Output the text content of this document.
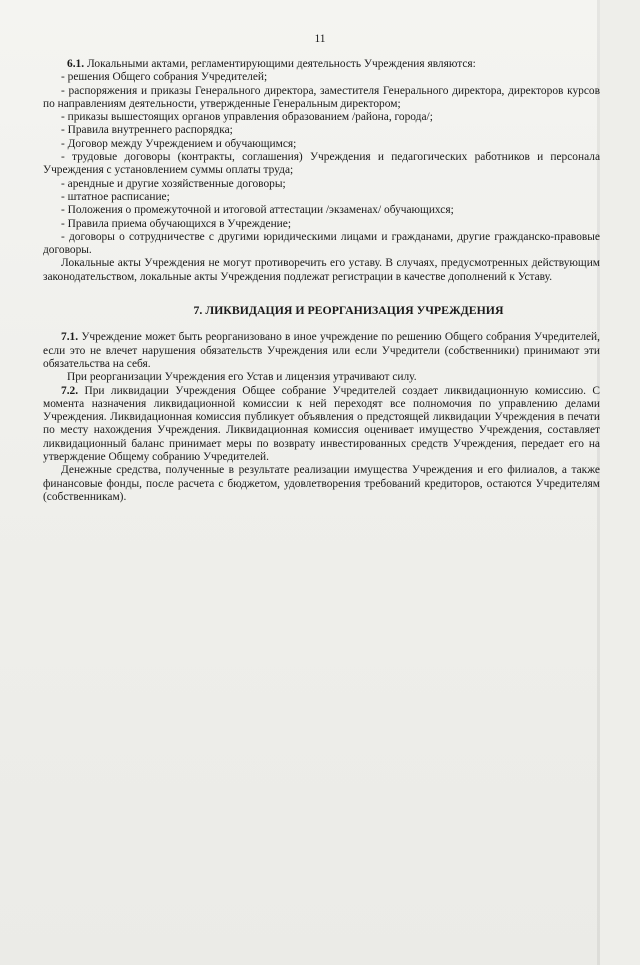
11

6.1. Локальными актами, регламентирующими деятельность Учреждения являются:

- решения Общего собрания Учредителей;

- распоряжения и приказы Генерального директора, заместителя Генерального директора, директоров курсов по направлениям деятельности, утвержденные Генеральным директором;

- приказы вышестоящих органов управления образованием /района, города/;

- Правила внутреннего распорядка;

- Договор между Учреждением и обучающимся;

- трудовые договоры (контракты, соглашения) Учреждения и педагогических работников и персонала Учреждения с установлением суммы оплаты труда;

- арендные и другие хозяйственные договоры;

- штатное расписание;

- Положения о промежуточной и итоговой аттестации /экзаменах/ обучающихся;

- Правила приема обучающихся в Учреждение;

- договоры о сотрудничестве с другими юридическими лицами и гражданами, другие гражданско-правовые договоры.

Локальные акты Учреждения не могут противоречить его уставу. В случаях, предусмотренных действующим законодательством, локальные акты Учреждения подлежат регистрации в качестве дополнений к Уставу.

7. ЛИКВИДАЦИЯ И РЕОРГАНИЗАЦИЯ УЧРЕЖДЕНИЯ

7.1. Учреждение может быть реорганизовано в иное учреждение по решению Общего собрания Учредителей, если это не влечет нарушения обязательств Учреждения или если Учредители (собственники) принимают эти обязательства на себя.

При реорганизации Учреждения его Устав и лицензия утрачивают силу.

7.2. При ликвидации Учреждения Общее собрание Учредителей создает ликвидационную комиссию. С момента назначения ликвидационной комиссии к ней переходят все полномочия по управлению делами Учреждения. Ликвидационная комиссия публикует объявления о предстоящей ликвидации Учреждения в печати по месту нахождения Учреждения. Ликвидационная комиссия оценивает имущество Учреждения, составляет ликвидационный баланс принимает меры по возврату инвестированных средств Учреждения, передает его на утверждение Общему собранию Учредителей.

Денежные средства, полученные в результате реализации имущества Учреждения и его филиалов, а также финансовые фонды, после расчета с бюджетом, удовлетворения требований кредиторов, остаются Учредителям (собственникам).
